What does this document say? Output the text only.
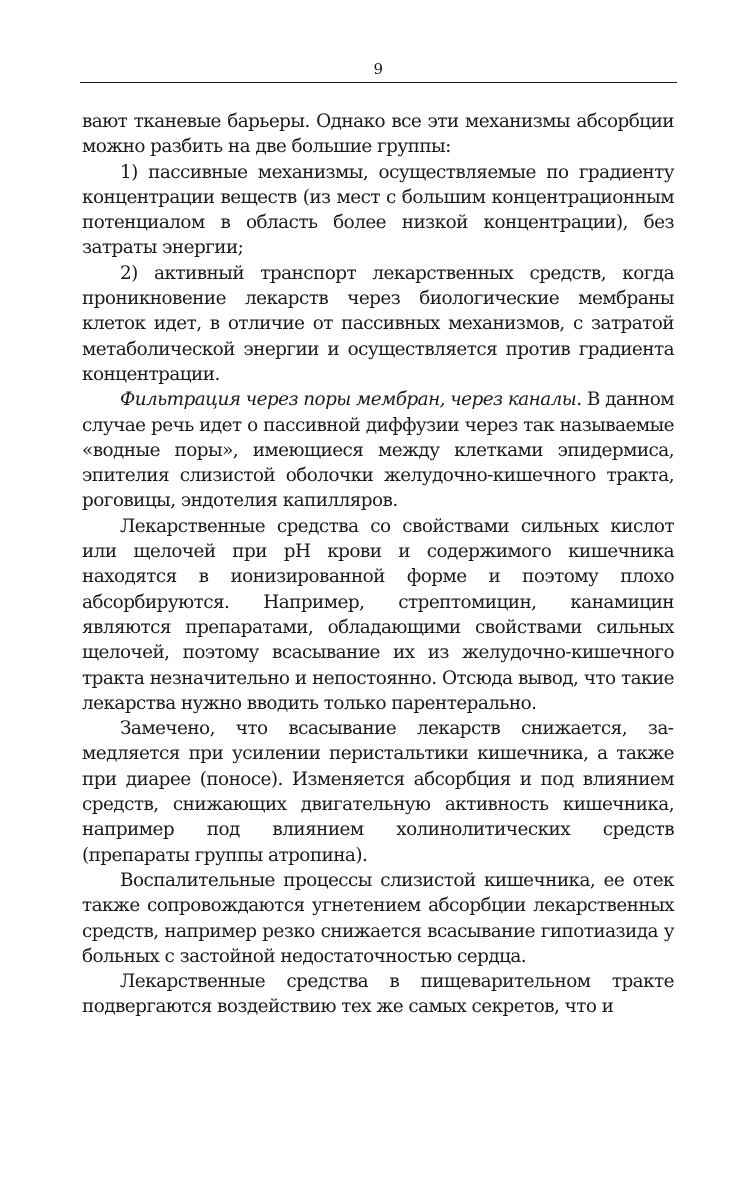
9

вают тканевые барьеры. Однако все эти механизмы абсорбции можно разбить на две большие группы:

1) пассивные механизмы, осуществляемые по градиенту концентрации веществ (из мест с большим концентрационным потенциалом в область более низкой концентрации), без затраты энергии;

2) активный транспорт лекарственных средств, когда проникновение лекарств через биологические мембраны клеток идет, в отличие от пассивных механизмов, с затратой метаболической энергии и осуществляется против градиента концентрации.

Фильтрация через поры мембран, через каналы. В данном случае речь идет о пассивной диффузии через так называемые «водные поры», имеющиеся между клетками эпидермиса, эпителия слизистой оболочки желудочно-кишечного тракта, роговицы, эндотелия капилляров.

Лекарственные средства со свойствами сильных кислот или щелочей при pH крови и содержимого кишечника находятся в ионизированной форме и поэтому плохо абсорбируются. Например, стрептомицин, канамицин являются препаратами, обладающими свойствами сильных щелочей, поэтому всасывание их из желудочно-кишечного тракта незначительно и непостоянно. Отсюда вывод, что такие лекарства нужно вводить только парентерально.

Замечено, что всасывание лекарств снижается, замедляется при усилении перистальтики кишечника, а также при диарее (поносе). Изменяется абсорбция и под влиянием средств, снижающих двигательную активность кишечника, например под влиянием холинолитических средств (препараты группы атропина).

Воспалительные процессы слизистой кишечника, ее отек также сопровождаются угнетением абсорбции лекарственных средств, например резко снижается всасывание гипотиазида у больных с застойной недостаточностью сердца.

Лекарственные средства в пищеварительном тракте подвергаются воздействию тех же самых секретов, что и
